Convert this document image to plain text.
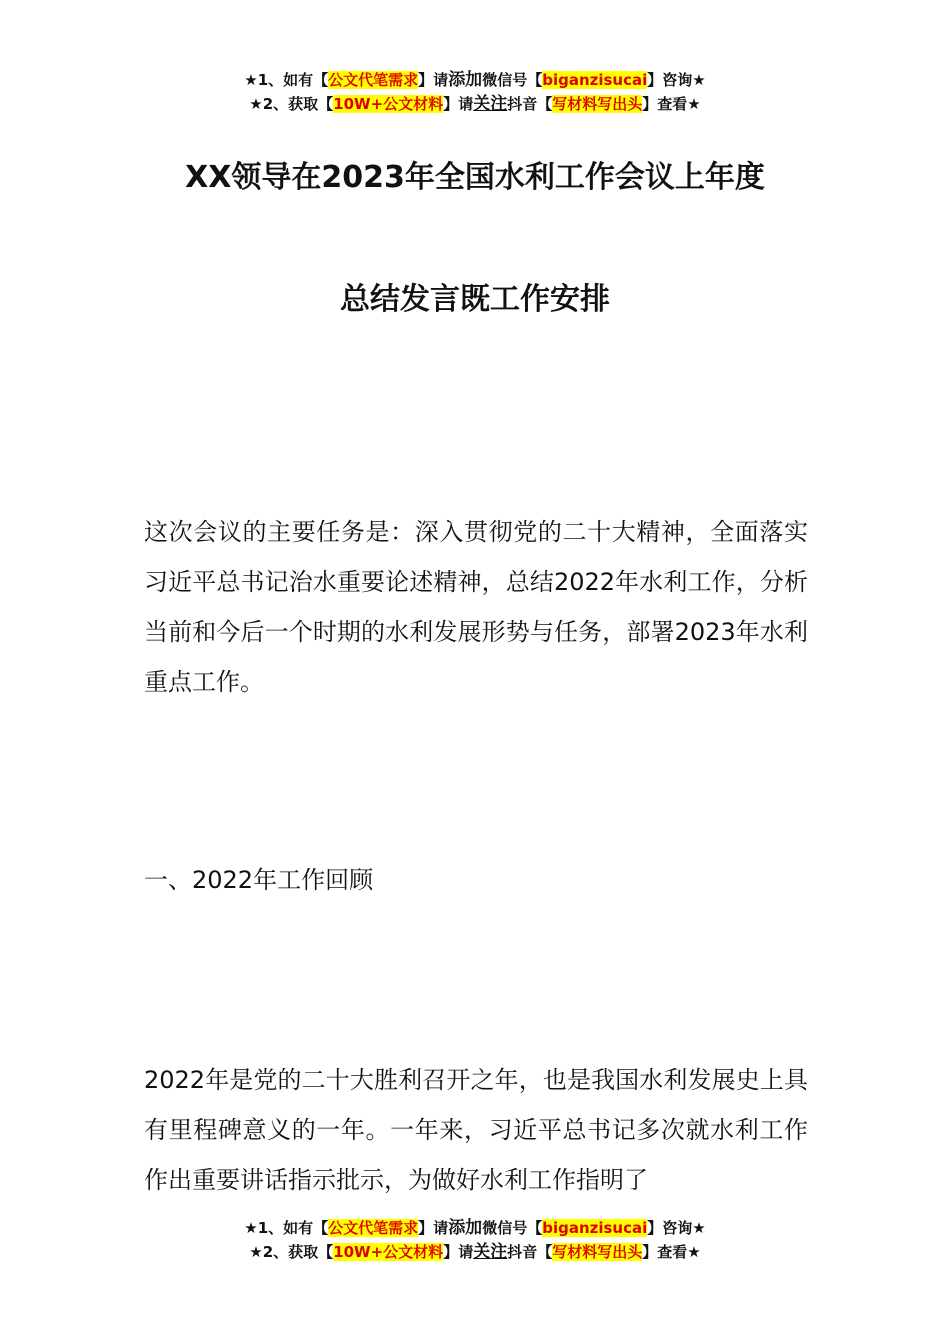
★1、如有【公文代笔需求】请添加微信号【biganzisucai】咨询★
★2、获取【10W+公文材料】请关注抖音【写材料写出头】查看★
XX领导在2023年全国水利工作会议上年度
总结发言既工作安排
这次会议的主要任务是：深入贯彻党的二十大精神，全面落实习近平总书记治水重要论述精神，总结2022年水利工作，分析当前和今后一个时期的水利发展形势与任务，部署2023年水利重点工作。
一、2022年工作回顾
2022年是党的二十大胜利召开之年，也是我国水利发展史上具有里程碑意义的一年。一年来，习近平总书记多次就水利工作作出重要讲话指示批示，为做好水利工作指明了
★1、如有【公文代笔需求】请添加微信号【biganzisucai】咨询★
★2、获取【10W+公文材料】请关注抖音【写材料写出头】查看★
